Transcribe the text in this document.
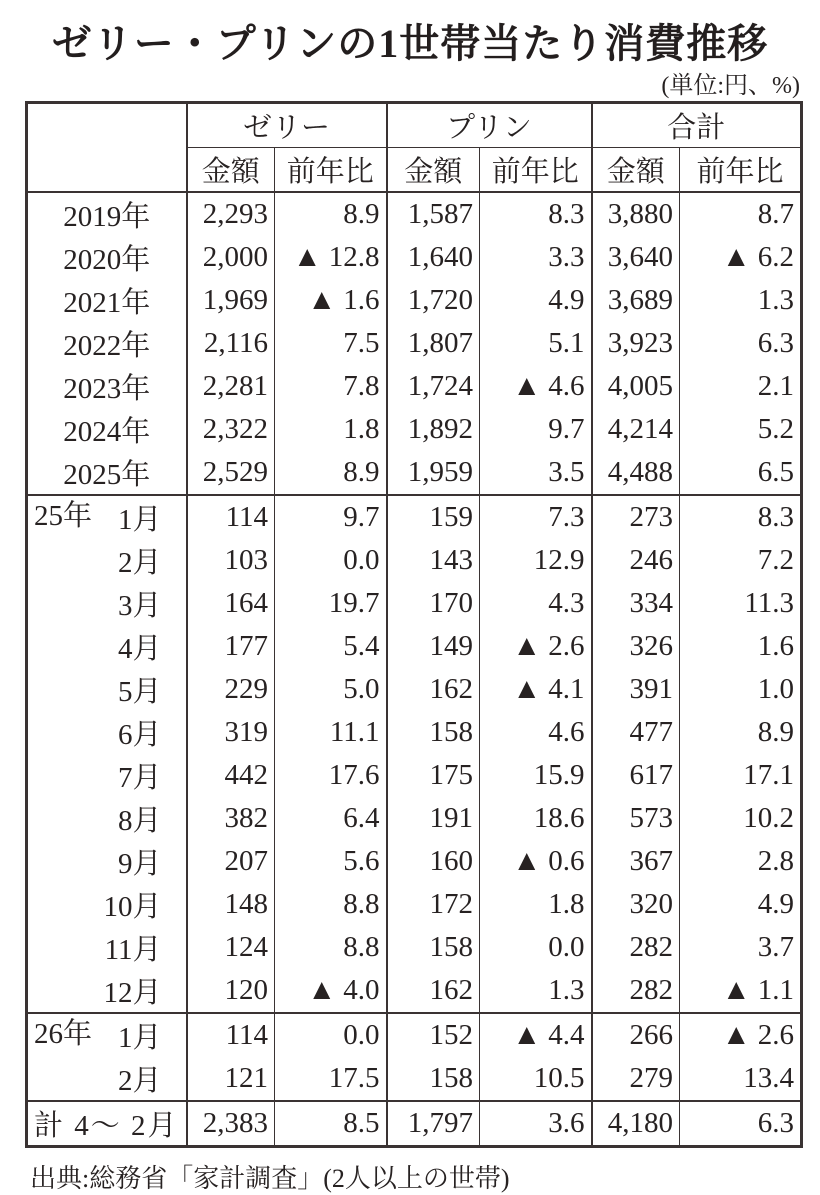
ゼリー・プリンの1世帯当たり消費推移
(単位:円、%)
	ゼリー		プリン		合計	
	金額	前年比	金額	前年比	金額	前年比
2019年	2,293	8.9	1,587	8.3	3,880	8.7
2020年	2,000	▲ 12.8	1,640	3.3	3,640	▲ 6.2
2021年	1,969	▲ 1.6	1,720	4.9	3,689	1.3
2022年	2,116	7.5	1,807	5.1	3,923	6.3
2023年	2,281	7.8	1,724	▲ 4.6	4,005	2.1
2024年	2,322	1.8	1,892	9.7	4,214	5.2
2025年	2,529	8.9	1,959	3.5	4,488	6.5

25年 1月	114	9.7	159	7.3	273	8.3
2月	103	0.0	143	12.9	246	7.2
3月	164	19.7	170	4.3	334	11.3
4月	177	5.4	149	▲ 2.6	326	1.6
5月	229	5.0	162	▲ 4.1	391	1.0
6月	319	11.1	158	4.6	477	8.9
7月	442	17.6	175	15.9	617	17.1
8月	382	6.4	191	18.6	573	10.2
9月	207	5.6	160	▲ 0.6	367	2.8
10月	148	8.8	172	1.8	320	4.9
11月	124	8.8	158	0.0	282	3.7
12月	120	▲ 4.0	162	1.3	282	▲ 1.1

26年 1月	114	0.0	152	▲ 4.4	266	▲ 2.6
2月	121	17.5	158	10.5	279	13.4
計 4〜 2月	2,383	8.5	1,797	3.6	4,180	6.3
出典:総務省「家計調査」(2人以上の世帯)
